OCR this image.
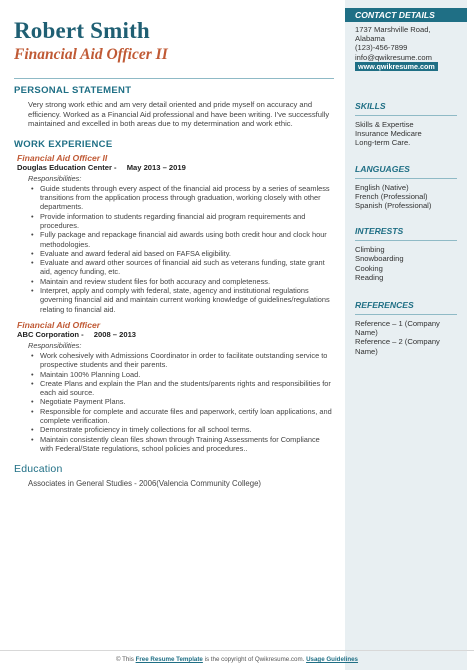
Robert Smith
Financial Aid Officer II
PERSONAL STATEMENT
Very strong work ethic and am very detail oriented and pride myself on accuracy and efficiency. Worked as a Financial Aid professional and have been writing. I've successfully maintained and excelled in both areas due to my determination and work ethic.
WORK EXPERIENCE
Financial Aid Officer II
Douglas Education Center - May 2013 – 2019
Responsibilities:
• Guide students through every aspect of the financial aid process by a series of seamless transitions from the application process through graduation, working closely with other departments.
• Provide information to students regarding financial aid program requirements and procedures.
• Fully package and repackage financial aid awards using both credit hour and clock hour methodologies.
• Evaluate and award federal aid based on FAFSA eligibility.
• Evaluate and award other sources of financial aid such as veterans funding, state grant aid, agency funding, etc.
• Maintain and review student files for both accuracy and completeness.
• Interpret, apply and comply with federal, state, agency and institutional regulations governing financial aid and maintain current working knowledge of guidelines/regulations relating to financial aid.
Financial Aid Officer
ABC Corporation - 2008 – 2013
Responsibilities:
• Work cohesively with Admissions Coordinator in order to facilitate outstanding service to prospective students and their parents.
• Maintain 100% Planning Load.
• Create Plans and explain the Plan and the students/parents rights and responsibilities for each aid source.
• Negotiate Payment Plans.
• Responsible for complete and accurate files and paperwork, certify loan applications, and complete verification.
• Demonstrate proficiency in timely collections for all school terms.
• Maintain consistently clean files shown through Training Assessments for Compliance with Federal/State regulations, school policies and procedures..
Education
Associates in General Studies - 2006(Valencia Community College)
CONTACT DETAILS
1737 Marshville Road,
Alabama
(123)-456-7899
info@qwikresume.com
www.qwikresume.com
SKILLS
Skills & Expertise
Insurance Medicare
Long-term Care.
LANGUAGES
English (Native)
French (Professional)
Spanish (Professional)
INTERESTS
Climbing
Snowboarding
Cooking
Reading
REFERENCES
Reference – 1 (Company Name)
Reference – 2 (Company Name)
© This Free Resume Template is the copyright of Qwikresume.com. Usage Guidelines
